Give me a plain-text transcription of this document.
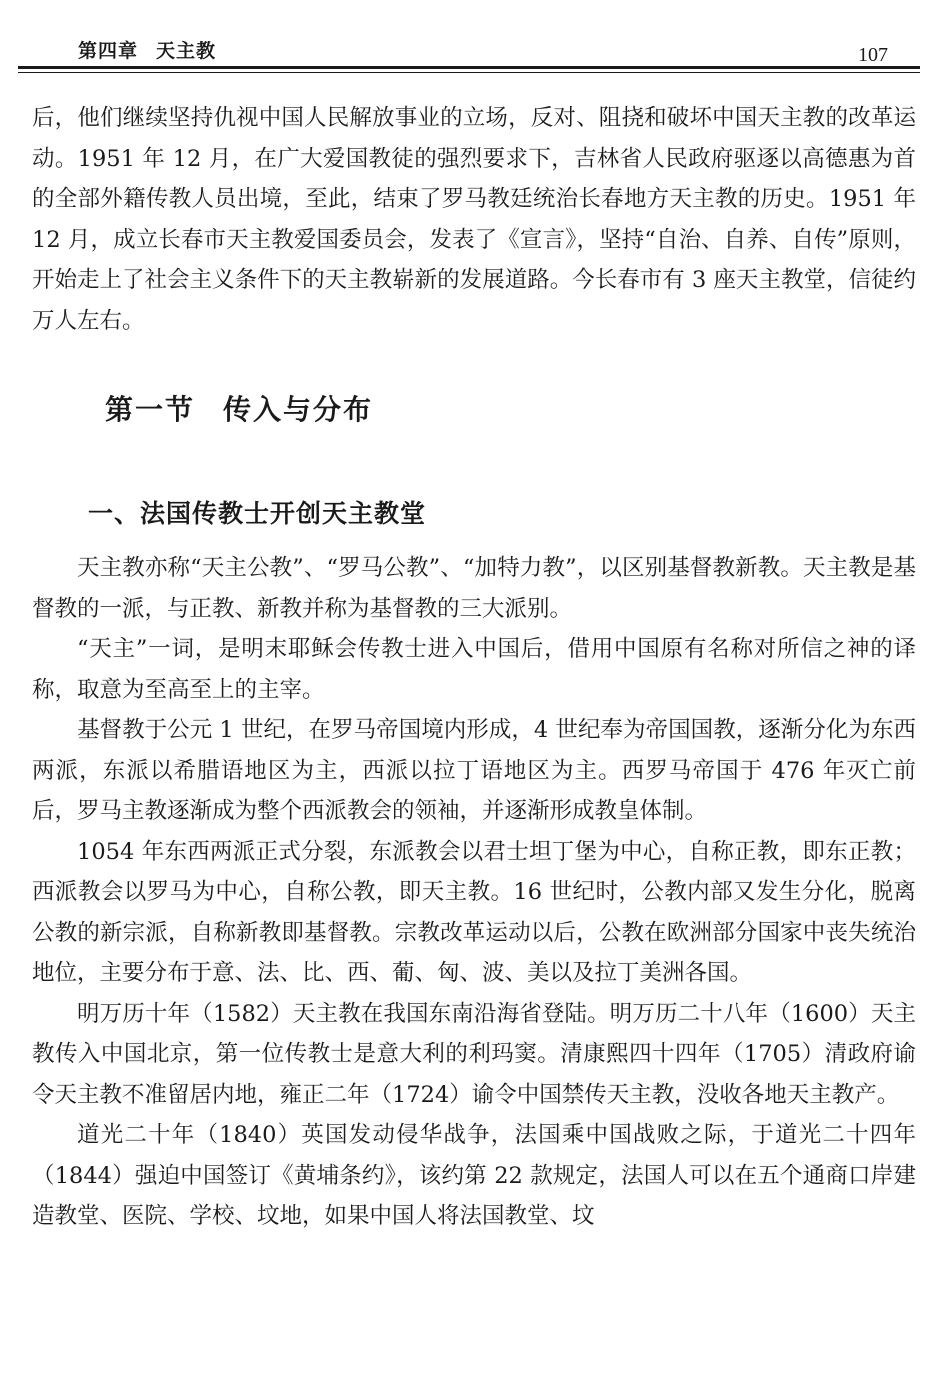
第四章 天主教	107

后，他们继续坚持仇视中国人民解放事业的立场，反对、阻挠和破坏中国天主教的改革运动。1951 年 12 月，在广大爱国教徒的强烈要求下，吉林省人民政府驱逐以高德惠为首的全部外籍传教人员出境，至此，结束了罗马教廷统治长春地方天主教的历史。1951 年 12 月，成立长春市天主教爱国委员会，发表了《宣言》，坚持“自治、自养、自传”原则，开始走上了社会主义条件下的天主教崭新的发展道路。今长春市有 3 座天主教堂，信徒约万人左右。

第一节 传入与分布
一、法国传教士开创天主教堂

天主教亦称“天主公教”、“罗马公教”、“加特力教”，以区别基督教新教。天主教是基督教的一派，与正教、新教并称为基督教的三大派别。

“天主”一词，是明末耶稣会传教士进入中国后，借用中国原有名称对所信之神的译称，取意为至高至上的主宰。

基督教于公元 1 世纪，在罗马帝国境内形成，4 世纪奉为帝国国教，逐渐分化为东西两派，东派以希腊语地区为主，西派以拉丁语地区为主。西罗马帝国于 476 年灭亡前后，罗马主教逐渐成为整个西派教会的领袖，并逐渐形成教皇体制。

1054 年东西两派正式分裂，东派教会以君士坦丁堡为中心，自称正教，即东正教；西派教会以罗马为中心，自称公教，即天主教。16 世纪时，公教内部又发生分化，脱离公教的新宗派，自称新教即基督教。宗教改革运动以后，公教在欧洲部分国家中丧失统治地位，主要分布于意、法、比、西、葡、匈、波、美以及拉丁美洲各国。

明万历十年（1582）天主教在我国东南沿海省登陆。明万历二十八年（1600）天主教传入中国北京，第一位传教士是意大利的利玛窦。清康熙四十四年（1705）清政府谕令天主教不准留居内地，雍正二年（1724）谕令中国禁传天主教，没收各地天主教产。

道光二十年（1840）英国发动侵华战争，法国乘中国战败之际，于道光二十四年（1844）强迫中国签订《黄埔条约》，该约第 22 款规定，法国人可以在五个通商口岸建造教堂、医院、学校、坟地，如果中国人将法国教堂、坟
